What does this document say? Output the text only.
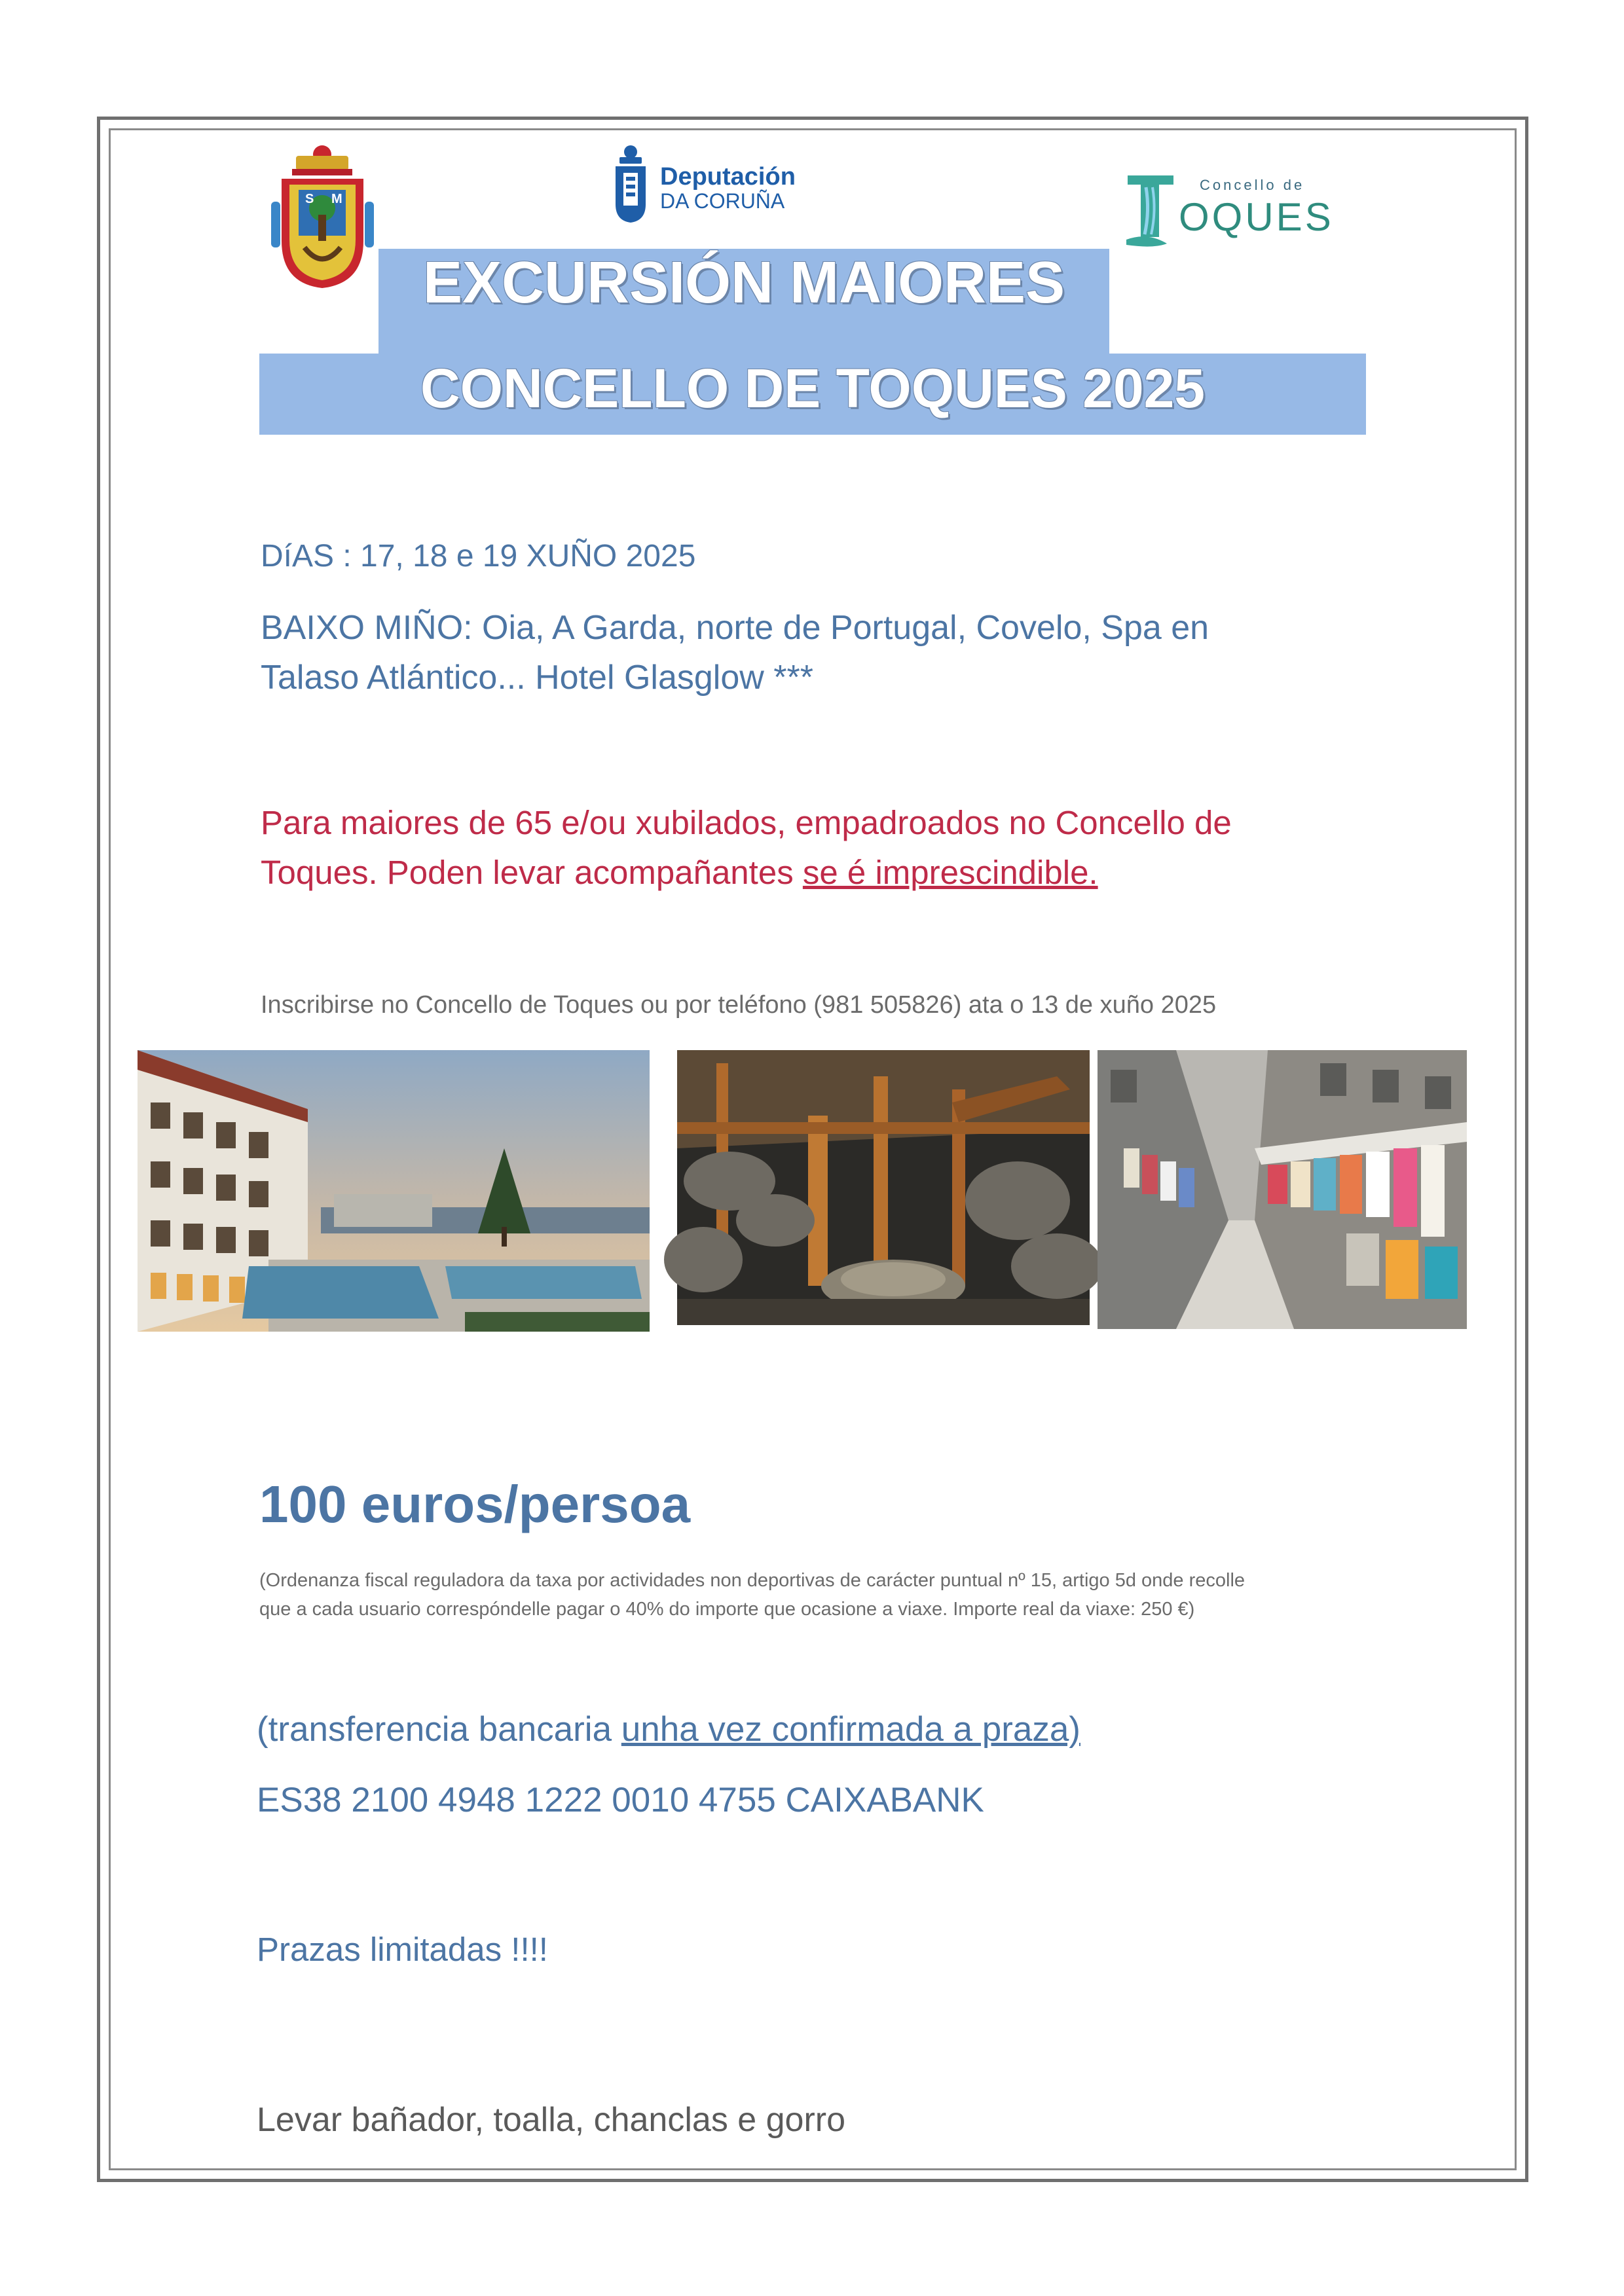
S M
Deputación
DA CORUÑA
Concello de
OQUES
EXCURSIÓN MAIORES
CONCELLO DE TOQUES 2025
DíAS : 17, 18 e 19 XUÑO 2025
BAIXO MIÑO: Oia, A Garda, norte de Portugal, Covelo, Spa en
Talaso Atlántico... Hotel Glasglow ***
Para maiores de 65 e/ou xubilados, empadroados no Concello de
Toques. Poden levar acompañantes se é imprescindible.
Inscribirse no Concello de Toques ou por teléfono (981 505826) ata o 13 de xuño 2025
100 euros/persoa
(Ordenanza fiscal reguladora da taxa por actividades non deportivas de carácter puntual nº 15, artigo 5d onde recolle
que a cada usuario correspóndelle pagar o 40% do importe que ocasione a viaxe. Importe real da viaxe: 250 €)
(transferencia bancaria unha vez confirmada a praza)
ES38 2100 4948 1222 0010 4755 CAIXABANK
Prazas limitadas !!!!
Levar bañador, toalla, chanclas e gorro
